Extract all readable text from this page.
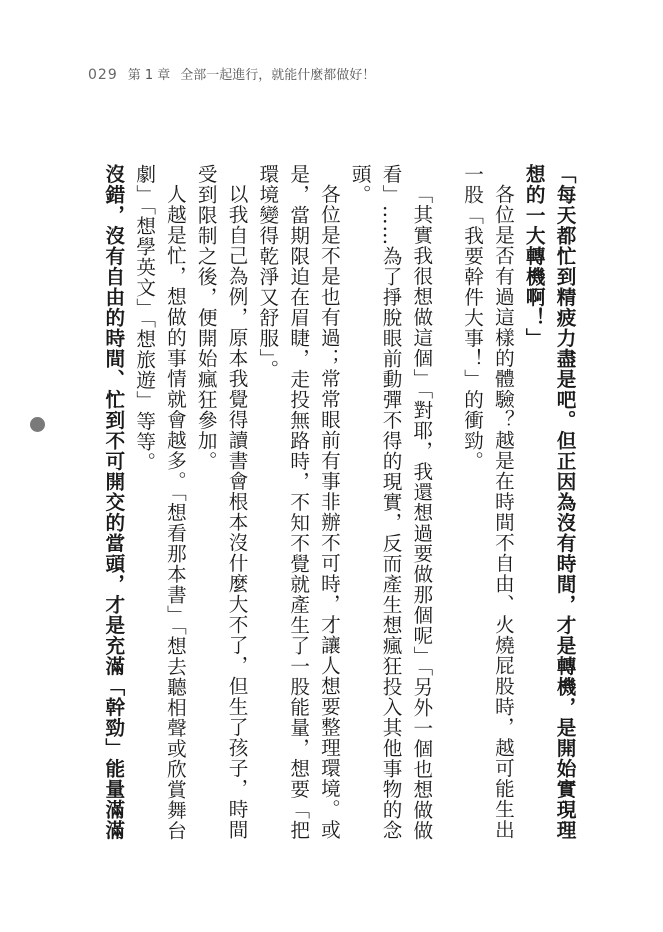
029 第 1 章 全部一起進行，就能什麼都做好！

「每天都忙到精疲力盡是吧。但正因為沒有時間，才是轉機，是開始實現理想的一大轉機啊！」

各位是否有過這樣的體驗？越是在時間不自由、火燒屁股時，越可能生出一股「我要幹件大事！」的衝勁。

「其實我很想做這個」「對耶，我還想過要做那個呢」「另外一個也想做做看」……為了掙脫眼前動彈不得的現實，反而產生想瘋狂投入其他事物的念頭。

各位是不是也有過；常常眼前有事非辦不可時，才讓人想要整理環境。或是，當期限迫在眉睫，走投無路時，不知不覺就產生了一股能量，想要「把環境變得乾淨又舒服」。

以我自己為例，原本我覺得讀書會根本沒什麼大不了，但生了孩子，時間受到限制之後，便開始瘋狂參加。

人越是忙，想做的事情就會越多。「想看那本書」「想去聽相聲或欣賞舞台劇」「想學英文」「想旅遊」等等。

沒錯，沒有自由的時間、忙到不可開交的當頭，才是充滿「幹勁」能量滿滿
